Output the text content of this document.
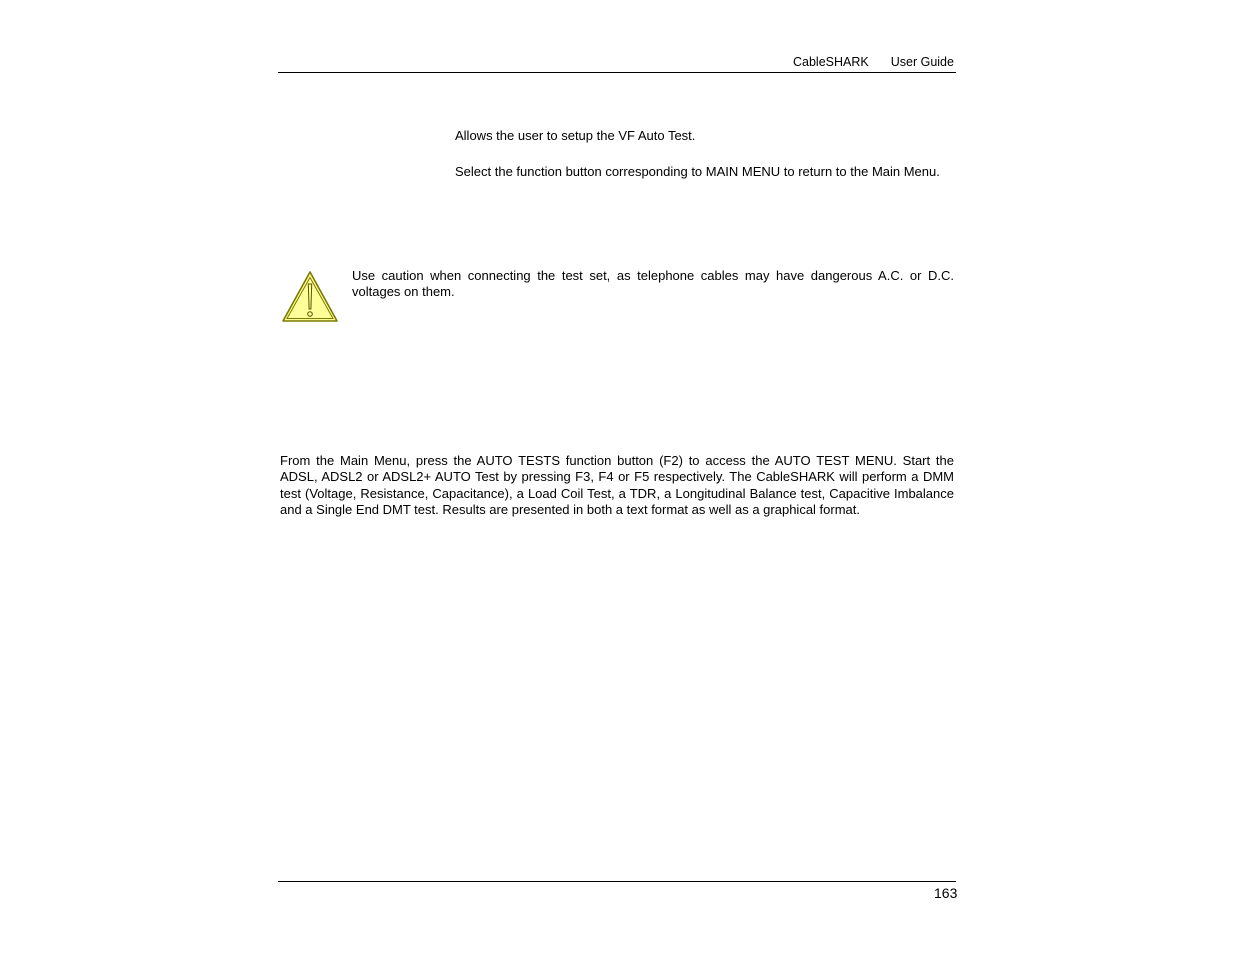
CableSHARK User Guide
Allows the user to setup the VF Auto Test.
Select the function button corresponding to MAIN MENU to return to the Main Menu.
Use caution when connecting the test set, as telephone cables may have dangerous A.C. or D.C. voltages on them.
From the Main Menu, press the AUTO TESTS function button (F2) to access the AUTO TEST MENU. Start the ADSL, ADSL2 or ADSL2+ AUTO Test by pressing F3, F4 or F5 respectively. The CableSHARK will perform a DMM test (Voltage, Resistance, Capacitance), a Load Coil Test, a TDR, a Longitudinal Balance test, Capacitive Imbalance and a Single End DMT test. Results are presented in both a text format as well as a graphical format.
163
